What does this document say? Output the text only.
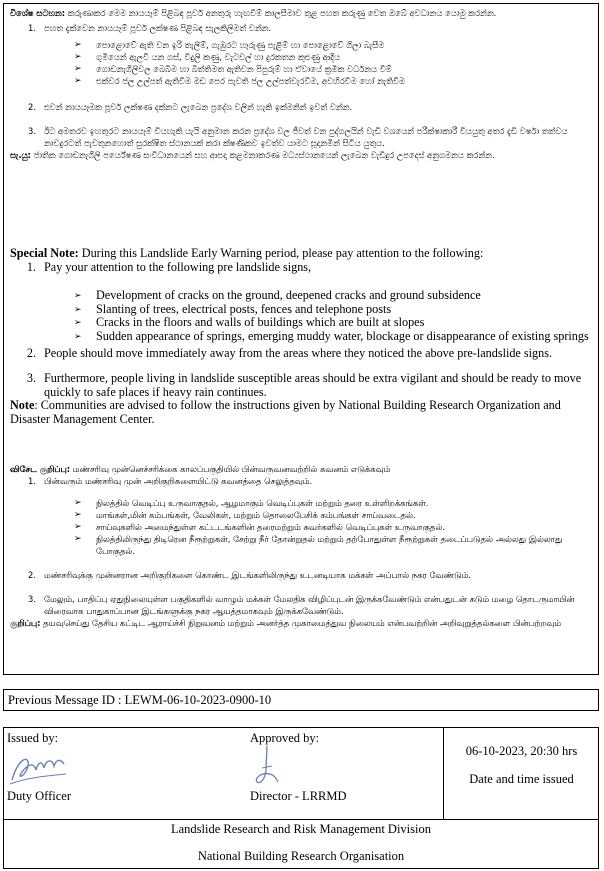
විශේෂ සටහන: කරුණාකර මෙම නායයෑම් පිළිබඳ පූර්ව අනතුරු හැඟවීම් කාලසීමාව තුළ පහත කරුණු වෙත ඔබේ අවධානය යොමු කරන්න.
1. පහත දැක්වෙන නායයෑම් පූර්ව ලක්ෂණ පිළිබඳ සැලකිලිමත් වන්න.
➢	පොළොවේ ඇති වන ඉරි තැලීම්, ගැඹුරට හෑරුණු පැළීම් හා පොළොවේ ගිලා බැසීම
➢	ගුමියෙන් ඇලවී යන ගස්, විදුලි කණු, වැටවල් හා දුරකතන කුළුණු ආදිය
➢	ගොඩනැගිලිවල බෙබිම හා බිත්තිමත ඇතිවන පිපුරුම් හා ඒවායේ ක්‍රමික වර්ධනය වීම්
➢	එක්වර ජල උල්පත් ඇතිවීම මඩ පෙර පැවති ජල උල්පත්වැරවීම, අවහිරවීම හෝ නැතිවීම
2. එවන් නායයෑමක පූර්ව ලක්ෂණ දක්නට ලැබෙන ප්‍රදේශ වලින් හැකි ඉක්මනින් ඉවත් වන්න.
3. ඊට අමතරව ඉහතුරට නායයෑම් වියහැකි යැයි අනුමාන කරන ප්‍රදේශ වල ජීවත් වන පුද්ගලයින් වැඩි වශයෙන් පරීක්ෂාකාරී වියයුතු අතර දැඩි වර්ෂා තත්වය නාවදුරටත් පැවතුනහොත් සුරක්ෂිත ස්ථානයක් කරා ක්ෂණිකව ඉවත්ව යාමට සූදානමින් සිටිය යුතුය.
සැ.යු: ජාතික ගොඩනැගිලි පර්යේෂණ සංවිධානයෙන් සහ ආපදා කළමනාකරණ මධ්‍යස්ථානයෙන් ලැබෙන වැඩිදුර උපදෙස් අනුගමනය කරන්න.
Special Note: During this Landslide Early Warning period, please pay attention to the following:
1. Pay your attention to the following pre landslide signs,
➢	Development of cracks on the ground, deepened cracks and ground subsidence
➢	Slanting of trees, electrical posts, fences and telephone posts
➢	Cracks in the floors and walls of buildings which are built at slopes
➢	Sudden appearance of springs, emerging muddy water, blockage or disappearance of existing springs
2. People should move immediately away from the areas where they noticed the above pre-landslide signs.
3. Furthermore, people living in landslide susceptible areas should be extra vigilant and should be ready to move quickly to safe places if heavy rain continues.
Note: Communities are advised to follow the instructions given by National Building Research Organization and Disaster Management Center.
விசேட குறிப்பு: மண்சரிவு முன்னெச்சரிக்கை காலப்பகுதியில் பின்வருவனவற்றில் கவனம் எடுக்கவும்
1. பின்வரும் மண்சரிவு முன் அறிகுறிகளையிட்டு கவனத்தை செலுத்தவும்.
➢	நிலத்தில் வெடிப்பு உருவாகுதல், ஆழமாகும் வெடிப்புகள் மற்றும் தரை உள்ளிறக்கங்கள்.
➢	மாங்கள்,மின் கம்பங்கள், வேலிகள், மற்றும் தொலைபேசிக் கம்பங்கள் சாய்வடைதல்.
➢	சாய்வுகளில் அமைந்துள்ள கட்டடங்களின் தரைமற்றும் சுவர்களில் வெடிப்புகள் உருவாகுதல்.
➢	நிலத்திலிருந்து திடிரென நீரூற்றுகள், சேற்று நீர் தோன்றுதல் மற்றும் தற்போதுள்ள நீரூற்றுகள் தடைப்படுதல் அல்லது இல்லாது போகுதல்.
2. மண்சரிவுக்கு முன்னரான அறிகுறிகளை கொண்ட இடங்களிலிருந்து உடனடியாக மக்கள் அப்பால் நகர வேண்டும்.
3. மேலும், பாதிப்பு ஏதுநிலையுள்ள பகுதிகளில் வாழும் மக்கள் மேலதிக விழிப்புடன் இருக்கவேண்டும் என்பதுடன் கடும் மழை தொடருமாயின் விரைவாக பாதுகாப்பான இடங்களுக்கு நகர ஆயத்தமாகவும் இருக்கவேண்டும்.
குறிப்பு: தயவுசெய்து தேசிய கட்டிட ஆராய்ச்சி நிறுவனம் மற்றும் அனர்த்த முகாமைத்துவ நிலையம் என்பவற்றின் அறிவுறுத்தல்களை பின்பற்றவும்
Previous Message ID : LEWM-06-10-2023-0900-10
Issued by:
Duty Officer
Approved by:
Director - LRRMD
06-10-2023, 20:30 hrs
Date and time issued
Landslide Research and Risk Management Division
National Building Research Organisation
